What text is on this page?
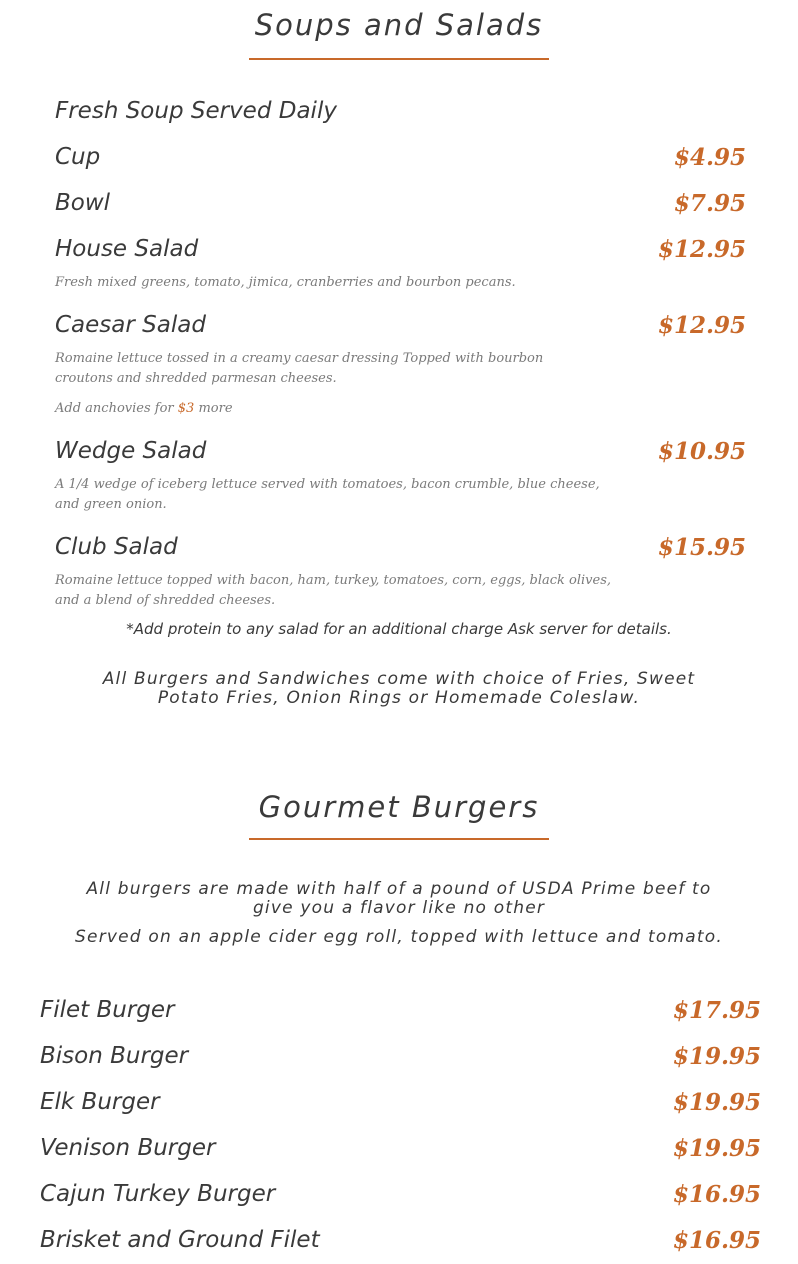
Soups and Salads
Fresh Soup Served Daily
Cup	$4.95
Bowl	$7.95
House Salad	$12.95
Fresh mixed greens, tomato, jimica, cranberries and bourbon pecans.
Caesar Salad	$12.95
Romaine lettuce tossed in a creamy caesar dressing Topped with bourbon croutons and shredded parmesan cheeses.
Add anchovies for $3 more
Wedge Salad	$10.95
A 1/4 wedge of iceberg lettuce served with tomatoes, bacon crumble, blue cheese, and green onion.
Club Salad	$15.95
Romaine lettuce topped with bacon, ham, turkey, tomatoes, corn, eggs, black olives, and a blend of shredded cheeses.
*Add protein to any salad for an additional charge Ask server for details.
All Burgers and Sandwiches come with choice of Fries, Sweet Potato Fries, Onion Rings or Homemade Coleslaw.
Gourmet Burgers
All burgers are made with half of a pound of USDA Prime beef to give you a flavor like no other
Served on an apple cider egg roll, topped with lettuce and tomato.
Filet Burger	$17.95
Bison Burger	$19.95
Elk Burger	$19.95
Venison Burger	$19.95
Cajun Turkey Burger	$16.95
Brisket and Ground Filet	$16.95
